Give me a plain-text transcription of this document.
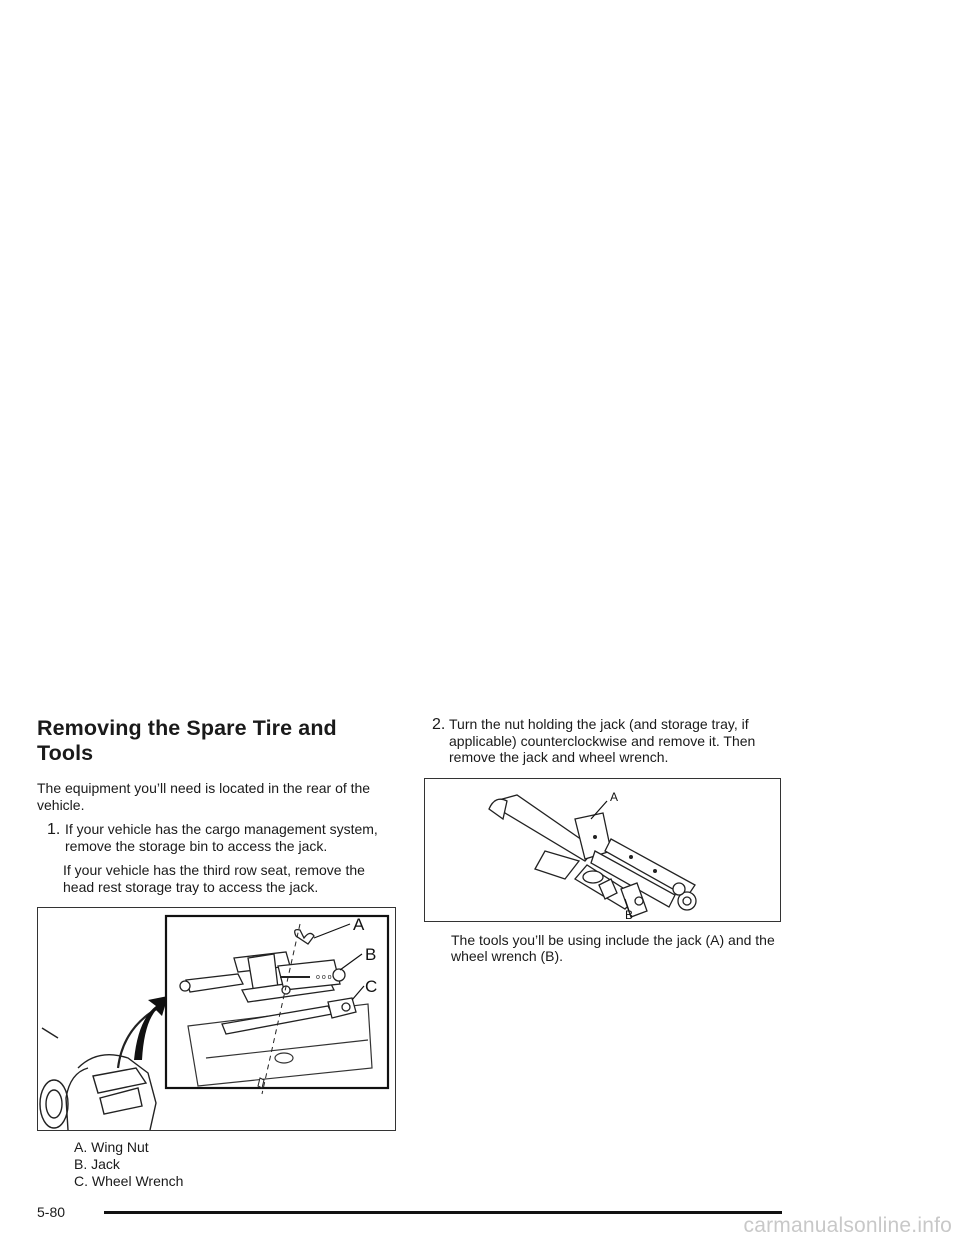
Removing the Spare Tire and Tools

The equipment you’ll need is located in the rear of the vehicle.

1. If your vehicle has the cargo management system, remove the storage bin to access the jack.

If your vehicle has the third row seat, remove the head rest storage tray to access the jack.

o o o
A
B
C

A. Wing Nut

B. Jack

C. Wheel Wrench

2. Turn the nut holding the jack (and storage tray, if applicable) counterclockwise and remove it. Then remove the jack and wheel wrench.

A
B

The tools you’ll be using include the jack (A) and the wheel wrench (B).

5-80
carmanualsonline.info
